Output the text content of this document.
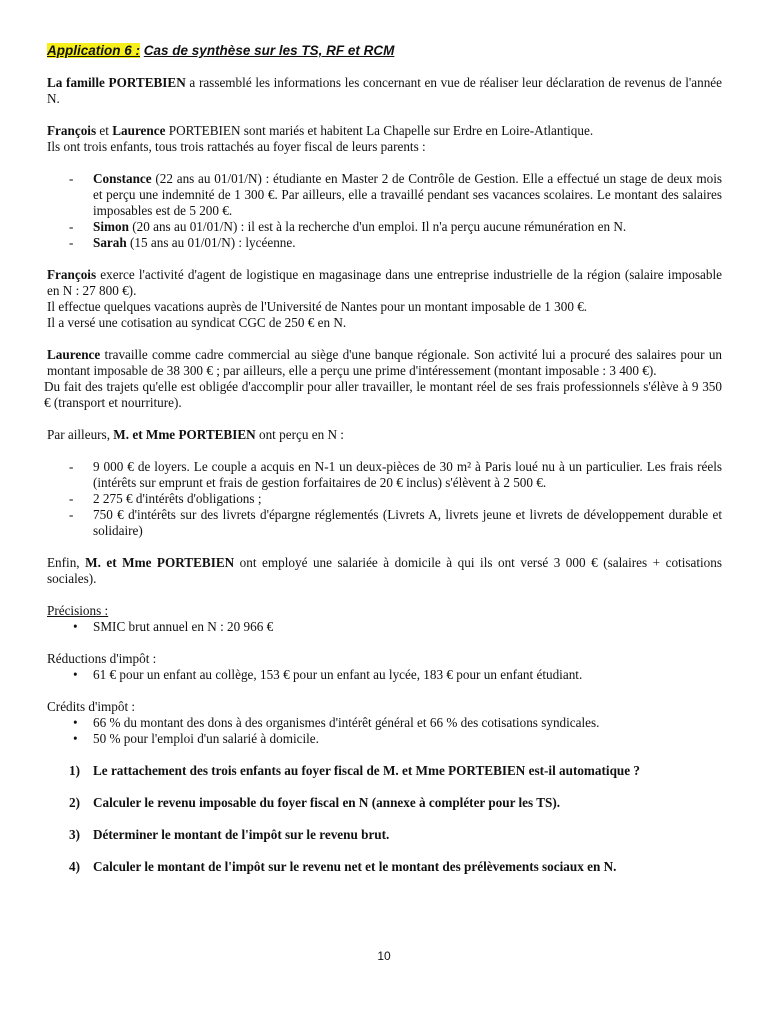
Application 6 : Cas de synthèse sur les TS, RF et RCM

La famille PORTEBIEN a rassemblé les informations les concernant en vue de réaliser leur déclaration de revenus de l'année N.

François et Laurence PORTEBIEN sont mariés et habitent La Chapelle sur Erdre en Loire-Atlantique.

Ils ont trois enfants, tous trois rattachés au foyer fiscal de leurs parents :

- Constance (22 ans au 01/01/N) : étudiante en Master 2 de Contrôle de Gestion. Elle a effectué un stage de deux mois et perçu une indemnité de 1 300 €. Par ailleurs, elle a travaillé pendant ses vacances scolaires. Le montant des salaires imposables est de 5 200 €.
- Simon (20 ans au 01/01/N) : il est à la recherche d'un emploi. Il n'a perçu aucune rémunération en N.
- Sarah (15 ans au 01/01/N) : lycéenne.

François exerce l'activité d'agent de logistique en magasinage dans une entreprise industrielle de la région (salaire imposable en N : 27 800 €).

Il effectue quelques vacations auprès de l'Université de Nantes pour un montant imposable de 1 300 €.

Il a versé une cotisation au syndicat CGC de 250 € en N.

Laurence travaille comme cadre commercial au siège d'une banque régionale. Son activité lui a procuré des salaires pour un montant imposable de 38 300 € ; par ailleurs, elle a perçu une prime d'intéressement (montant imposable : 3 400 €).

Du fait des trajets qu'elle est obligée d'accomplir pour aller travailler, le montant réel de ses frais professionnels s'élève à 9 350 € (transport et nourriture).

Par ailleurs, M. et Mme PORTEBIEN ont perçu en N :

- 9 000 € de loyers. Le couple a acquis en N-1 un deux-pièces de 30 m² à Paris loué nu à un particulier. Les frais réels (intérêts sur emprunt et frais de gestion forfaitaires de 20 € inclus) s'élèvent à 2 500 €.
- 2 275 € d'intérêts d'obligations ;
- 750 € d'intérêts sur des livrets d'épargne réglementés (Livrets A, livrets jeune et livrets de développement durable et solidaire)

Enfin, M. et Mme PORTEBIEN ont employé une salariée à domicile à qui ils ont versé 3 000 € (salaires + cotisations sociales).

Précisions :

• SMIC brut annuel en N : 20 966 €

Réductions d'impôt :

• 61 € pour un enfant au collège, 153 € pour un enfant au lycée, 183 € pour un enfant étudiant.

Crédits d'impôt :

• 66 % du montant des dons à des organismes d'intérêt général et 66 % des cotisations syndicales.
• 50 % pour l'emploi d'un salarié à domicile.
1) Le rattachement des trois enfants au foyer fiscal de M. et Mme PORTEBIEN est-il automatique ?
2) Calculer le revenu imposable du foyer fiscal en N (annexe à compléter pour les TS).
3) Déterminer le montant de l'impôt sur le revenu brut.
4) Calculer le montant de l'impôt sur le revenu net et le montant des prélèvements sociaux en N.
10
